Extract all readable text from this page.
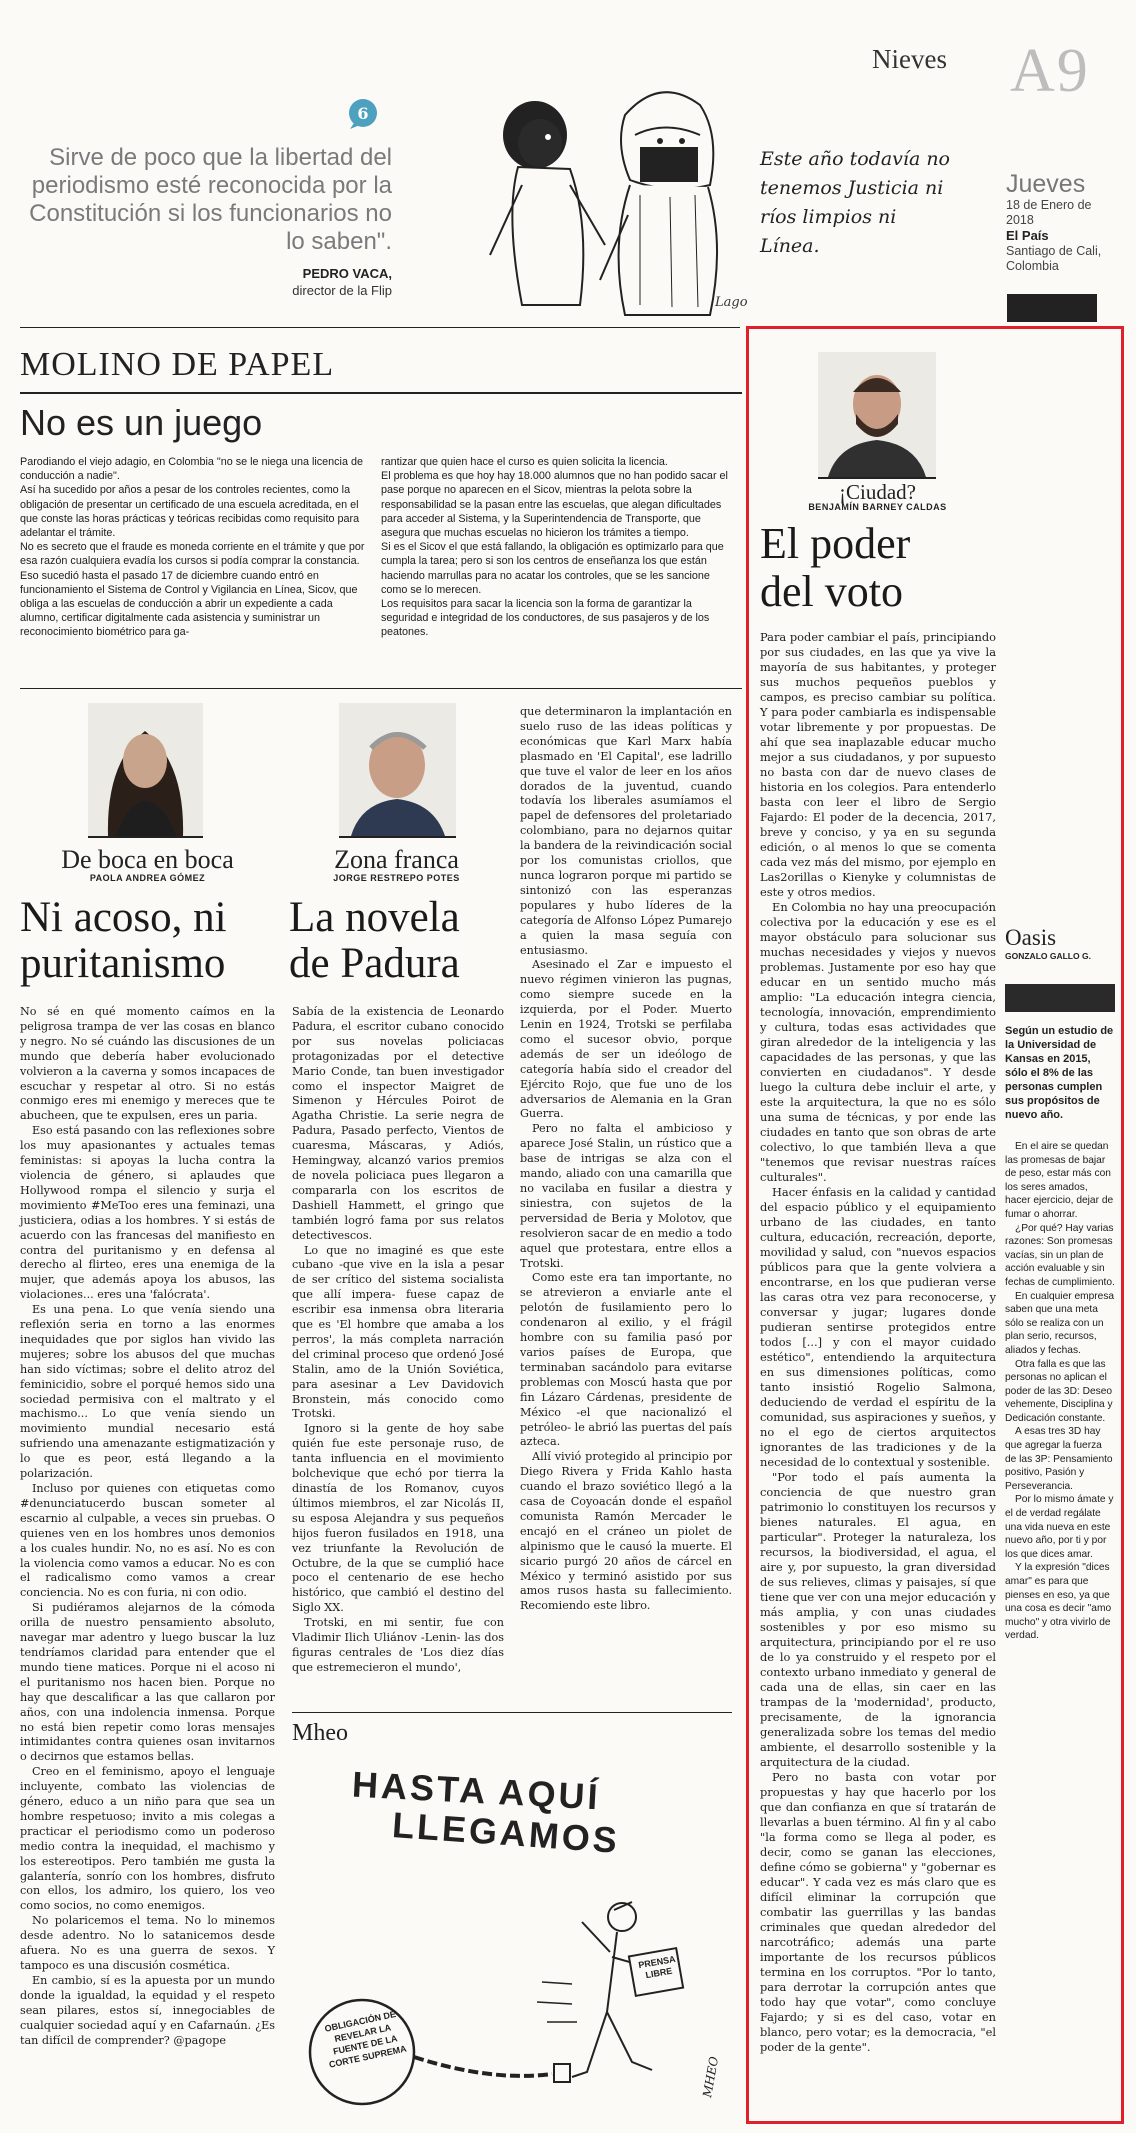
Nieves A9
Jueves
18 de Enero de 2018
El País
Santiago de Cali, Colombia
6
Sirve de poco que la libertad del periodismo esté reconocida por la Constitución si los funcionarios no lo saben".
PEDRO VACA,
director de la Flip
Este año todavía no tenemos Justicia ni ríos limpios ni Línea.
Lago
MOLINO DE PAPEL
No es un juego

Parodiando el viejo adagio, en Colombia "no se le niega una licencia de conducción a nadie".

Así ha sucedido por años a pesar de los controles recientes, como la obligación de presentar un certificado de una escuela acreditada, en el que conste las horas prácticas y teóricas recibidas como requisito para adelantar el trámite.

No es secreto que el fraude es moneda corriente en el trámite y que por esa razón cualquiera evadía los cursos si podía comprar la constancia.

Eso sucedió hasta el pasado 17 de diciembre cuando entró en funcionamiento el Sistema de Control y Vigilancia en Línea, Sicov, que obliga a las escuelas de conducción a abrir un expediente a cada alumno, certificar digitalmente cada asistencia y suministrar un reconocimiento biométrico para ga-

rantizar que quien hace el curso es quien solicita la licencia.

El problema es que hoy hay 18.000 alumnos que no han podido sacar el pase porque no aparecen en el Sicov, mientras la pelota sobre la responsabilidad se la pasan entre las escuelas, que alegan dificultades para acceder al Sistema, y la Superintendencia de Transporte, que asegura que muchas escuelas no hicieron los trámites a tiempo.

Si es el Sicov el que está fallando, la obligación es optimizarlo para que cumpla la tarea; pero si son los centros de enseñanza los que están haciendo marrullas para no acatar los controles, que se les sancione como se lo merecen.

Los requisitos para sacar la licencia son la forma de garantizar la seguridad e integridad de los conductores, de sus pasajeros y de los peatones.

De boca en boca
PAOLA ANDREA GÓMEZ
Ni acoso, ni puritanismo

No sé en qué momento caímos en la peligrosa trampa de ver las cosas en blanco y negro. No sé cuándo las discusiones de un mundo que debería haber evolucionado volvieron a la caverna y somos incapaces de escuchar y respetar al otro. Si no estás conmigo eres mi enemigo y mereces que te abucheen, que te expulsen, eres un paria.

Eso está pasando con las reflexiones sobre los muy apasionantes y actuales temas feministas: si apoyas la lucha contra la violencia de género, si aplaudes que Hollywood rompa el silencio y surja el movimiento #MeToo eres una feminazi, una justiciera, odias a los hombres. Y si estás de acuerdo con las francesas del manifiesto en contra del puritanismo y en defensa al derecho al flirteo, eres una enemiga de la mujer, que además apoya los abusos, las violaciones... eres una 'falócrata'.

Es una pena. Lo que venía siendo una reflexión seria en torno a las enormes inequidades que por siglos han vivido las mujeres; sobre los abusos del que muchas han sido víctimas; sobre el delito atroz del feminicidio, sobre el porqué hemos sido una sociedad permisiva con el maltrato y el machismo... Lo que venía siendo un movimiento mundial necesario está sufriendo una amenazante estigmatización y lo que es peor, está llegando a la polarización.

Incluso por quienes con etiquetas como #denunciatucerdo buscan someter al escarnio al culpable, a veces sin pruebas. O quienes ven en los hombres unos demonios a los cuales hundir. No, no es así. No es con la violencia como vamos a educar. No es con el radicalismo como vamos a crear conciencia. No es con furia, ni con odio.

Si pudiéramos alejarnos de la cómoda orilla de nuestro pensamiento absoluto, navegar mar adentro y luego buscar la luz tendríamos claridad para entender que el mundo tiene matices. Porque ni el acoso ni el puritanismo nos hacen bien. Porque no hay que descalificar a las que callaron por años, con una indolencia inmensa. Porque no está bien repetir como loras mensajes intimidantes contra quienes osan invitarnos o decirnos que estamos bellas.

Creo en el feminismo, apoyo el lenguaje incluyente, combato las violencias de género, educo a un niño para que sea un hombre respetuoso; invito a mis colegas a practicar el periodismo como un poderoso medio contra la inequidad, el machismo y los estereotipos. Pero también me gusta la galantería, sonrío con los hombres, disfruto con ellos, los admiro, los quiero, los veo como socios, no como enemigos.

No polaricemos el tema. No lo minemos desde adentro. No lo satanicemos desde afuera. No es una guerra de sexos. Y tampoco es una discusión cosmética.

En cambio, sí es la apuesta por un mundo donde la igualdad, la equidad y el respeto sean pilares, estos sí, innegociables de cualquier sociedad aquí y en Cafarnaún. ¿Es tan difícil de comprender? @pagope

Zona franca
JORGE RESTREPO POTES
La novela de Padura

Sabía de la existencia de Leonardo Padura, el escritor cubano conocido por sus novelas policiacas protagonizadas por el detective Mario Conde, tan buen investigador como el inspector Maigret de Simenon y Hércules Poirot de Agatha Christie. La serie negra de Padura, Pasado perfecto, Vientos de cuaresma, Máscaras, y Adiós, Hemingway, alcanzó varios premios de novela policiaca pues llegaron a compararla con los escritos de Dashiell Hammett, el gringo que también logró fama por sus relatos detectivescos.

Lo que no imaginé es que este cubano -que vive en la isla a pesar de ser crítico del sistema socialista que allí impera- fuese capaz de escribir esa inmensa obra literaria que es 'El hombre que amaba a los perros', la más completa narración del criminal proceso que ordenó José Stalin, amo de la Unión Soviética, para asesinar a Lev Davidovich Bronstein, más conocido como Trotski.

Ignoro si la gente de hoy sabe quién fue este personaje ruso, de tanta influencia en el movimiento bolchevique que echó por tierra la dinastía de los Romanov, cuyos últimos miembros, el zar Nicolás II, su esposa Alejandra y sus pequeños hijos fueron fusilados en 1918, una vez triunfante la Revolución de Octubre, de la que se cumplió hace poco el centenario de ese hecho histórico, que cambió el destino del Siglo XX.

Trotski, en mi sentir, fue con Vladimir Ilich Uliánov -Lenin- las dos figuras centrales de 'Los diez días que estremecieron el mundo',

que determinaron la implantación en suelo ruso de las ideas políticas y económicas que Karl Marx había plasmado en 'El Capital', ese ladrillo que tuve el valor de leer en los años dorados de la juventud, cuando todavía los liberales asumíamos el papel de defensores del proletariado colombiano, para no dejarnos quitar la bandera de la reivindicación social por los comunistas criollos, que nunca lograron porque mi partido se sintonizó con las esperanzas populares y hubo líderes de la categoría de Alfonso López Pumarejo a quien la masa seguía con entusiasmo.

Asesinado el Zar e impuesto el nuevo régimen vinieron las pugnas, como siempre sucede en la izquierda, por el Poder. Muerto Lenin en 1924, Trotski se perfilaba como el sucesor obvio, porque además de ser un ideólogo de categoría había sido el creador del Ejército Rojo, que fue uno de los adversarios de Alemania en la Gran Guerra.

Pero no falta el ambicioso y aparece José Stalin, un rústico que a base de intrigas se alza con el mando, aliado con una camarilla que no vacilaba en fusilar a diestra y siniestra, con sujetos de la perversidad de Beria y Molotov, que resolvieron sacar de en medio a todo aquel que protestara, entre ellos a Trotski.

Como este era tan importante, no se atrevieron a enviarle ante el pelotón de fusilamiento pero lo condenaron al exilio, y el frágil hombre con su familia pasó por varios países de Europa, que terminaban sacándolo para evitarse problemas con Moscú hasta que por fin Lázaro Cárdenas, presidente de México -el que nacionalizó el petróleo- le abrió las puertas del país azteca.

Allí vivió protegido al principio por Diego Rivera y Frida Kahlo hasta cuando el brazo soviético llegó a la casa de Coyoacán donde el español comunista Ramón Mercader le encajó en el cráneo un piolet de alpinismo que le causó la muerte. El sicario purgó 20 años de cárcel en México y terminó asistido por sus amos rusos hasta su fallecimiento. Recomiendo este libro.

Mheo
HASTA AQUÍ
LLEGAMOS
OBLIGACIÓN DE REVELAR LA FUENTE DE LA CORTE SUPREMA
PRENSA LIBRE
MHEO
¡Ciudad?
BENJAMÍN BARNEY CALDAS
El poder
del voto

Para poder cambiar el país, principiando por sus ciudades, en las que ya vive la mayoría de sus habitantes, y proteger sus muchos pequeños pueblos y campos, es preciso cambiar su política. Y para poder cambiarla es indispensable votar libremente y por propuestas. De ahí que sea inaplazable educar mucho mejor a sus ciudadanos, y por supuesto no basta con dar de nuevo clases de historia en los colegios. Para entenderlo basta con leer el libro de Sergio Fajardo: El poder de la decencia, 2017, breve y conciso, y ya en su segunda edición, o al menos lo que se comenta cada vez más del mismo, por ejemplo en Las2orillas o Kienyke y columnistas de este y otros medios.

En Colombia no hay una preocupación colectiva por la educación y ese es el mayor obstáculo para solucionar sus muchas necesidades y viejos y nuevos problemas. Justamente por eso hay que educar en un sentido mucho más amplio: "La educación integra ciencia, tecnología, innovación, emprendimiento y cultura, todas esas actividades que giran alrededor de la inteligencia y las capacidades de las personas, y que las convierten en ciudadanos". Y desde luego la cultura debe incluir el arte, y este la arquitectura, la que no es sólo una suma de técnicas, y por ende las ciudades en tanto que son obras de arte colectivo, lo que también lleva a que "tenemos que revisar nuestras raíces culturales".

Hacer énfasis en la calidad y cantidad del espacio público y el equipamiento urbano de las ciudades, en tanto cultura, educación, recreación, deporte, movilidad y salud, con "nuevos espacios públicos para que la gente volviera a encontrarse, en los que pudieran verse las caras otra vez para reconocerse, y conversar y jugar; lugares donde pudieran sentirse protegidos entre todos [...] y con el mayor cuidado estético", entendiendo la arquitectura en sus dimensiones políticas, como tanto insistió Rogelio Salmona, deduciendo de verdad el espíritu de la comunidad, sus aspiraciones y sueños, y no el ego de ciertos arquitectos ignorantes de las tradiciones y de la necesidad de lo contextual y sostenible.

"Por todo el país aumenta la conciencia de que nuestro gran patrimonio lo constituyen los recursos y bienes naturales. El agua, en particular". Proteger la naturaleza, los recursos, la biodiversidad, el agua, el aire y, por supuesto, la gran diversidad de sus relieves, climas y paisajes, sí que tiene que ver con una mejor educación y más amplia, y con unas ciudades sostenibles y por eso mismo su arquitectura, principiando por el re uso de lo ya construido y el respeto por el contexto urbano inmediato y general de cada una de ellas, sin caer en las trampas de la 'modernidad', producto, precisamente, de la ignorancia generalizada sobre los temas del medio ambiente, el desarrollo sostenible y la arquitectura de la ciudad.

Pero no basta con votar por propuestas y hay que hacerlo por los que dan confianza en que sí tratarán de llevarlas a buen término. Al fin y al cabo "la forma como se llega al poder, es decir, como se ganan las elecciones, define cómo se gobierna" y "gobernar es educar". Y cada vez es más claro que es difícil eliminar la corrupción que combatir las guerrillas y las bandas criminales que quedan alrededor del narcotráfico; además una parte importante de los recursos públicos termina en los corruptos. "Por lo tanto, para derrotar la corrupción antes que todo hay que votar", como concluye Fajardo; y si es del caso, votar en blanco, pero votar; es la democracia, "el poder de la gente".

Oasis
GONZALO GALLO G.
Según un estudio de la Universidad de Kansas en 2015, sólo el 8% de las personas cumplen sus propósitos de nuevo año.

En el aire se quedan las promesas de bajar de peso, estar más con los seres amados, hacer ejercicio, dejar de fumar o ahorrar.

¿Por qué? Hay varias razones: Son promesas vacías, sin un plan de acción evaluable y sin fechas de cumplimiento.

En cualquier empresa saben que una meta sólo se realiza con un plan serio, recursos, aliados y fechas.

Otra falla es que las personas no aplican el poder de las 3D: Deseo vehemente, Disciplina y Dedicación constante.

A esas tres 3D hay que agregar la fuerza de las 3P: Pensamiento positivo, Pasión y Perseverancia.

Por lo mismo ámate y el de verdad regálate una vida nueva en este nuevo año, por ti y por los que dices amar.

Y la expresión "dices amar" es para que pienses en eso, ya que una cosa es decir "amo mucho" y otra vivirlo de verdad.
